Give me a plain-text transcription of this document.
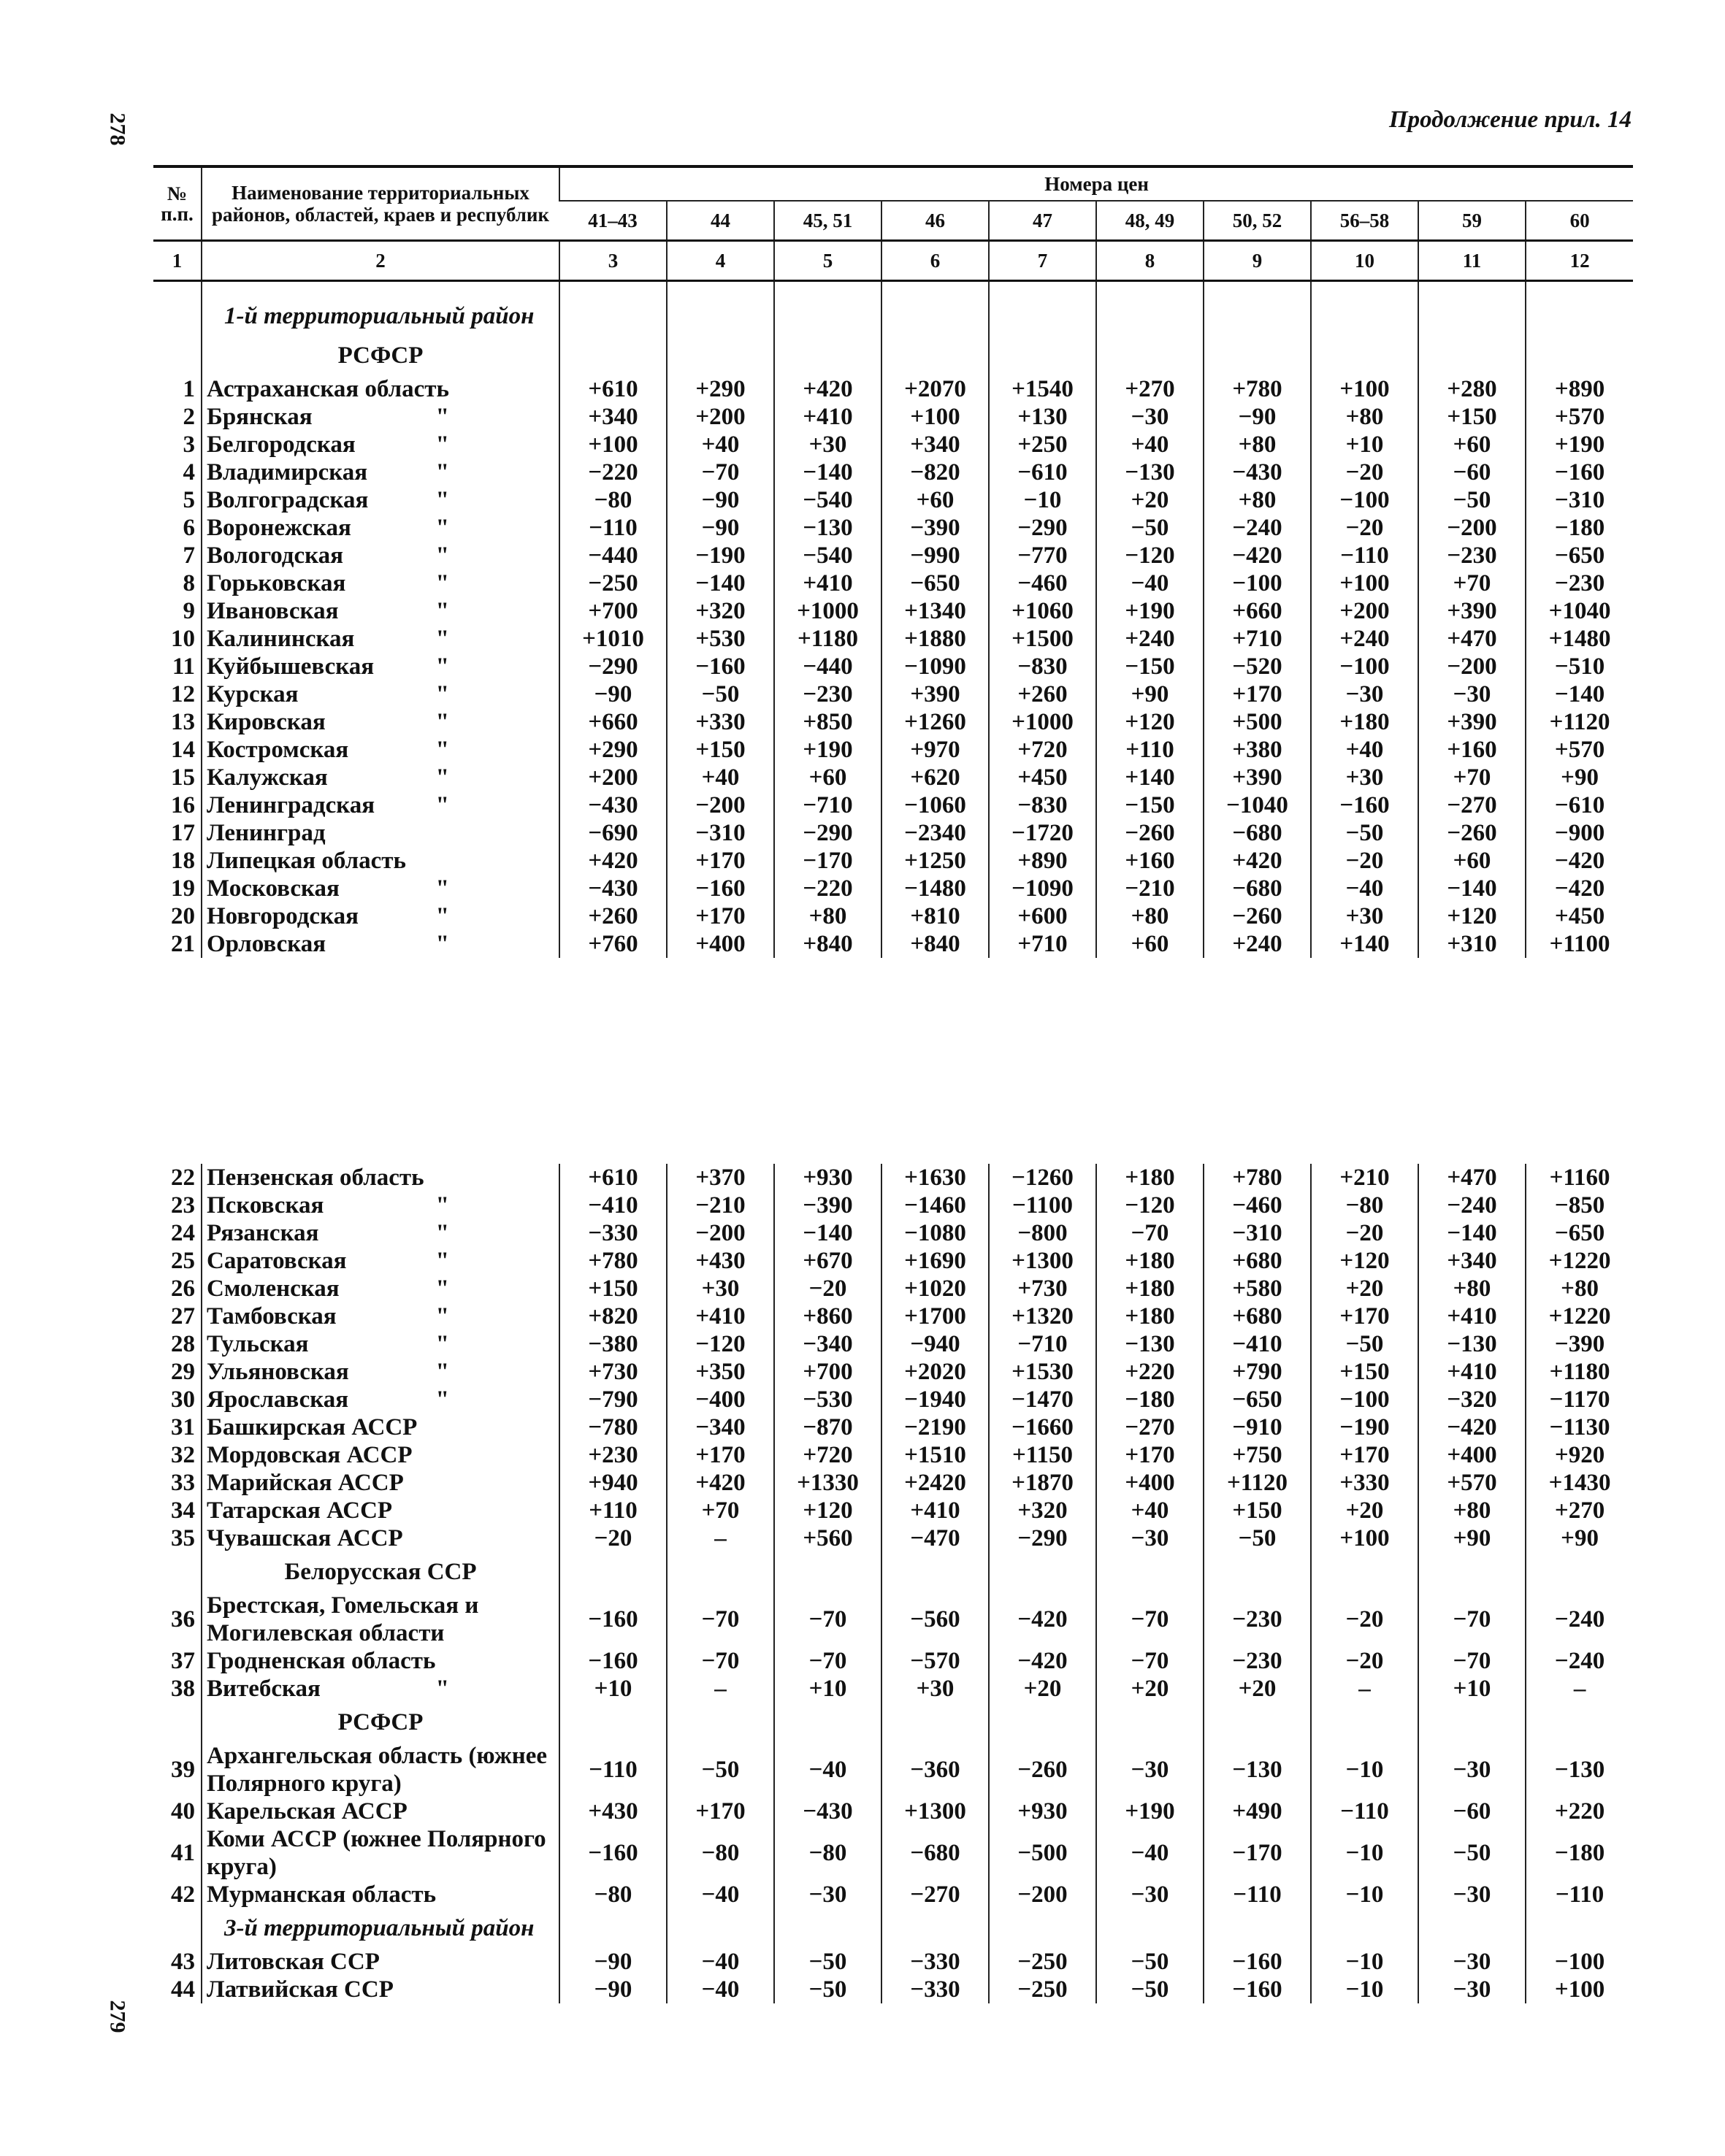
278	Продолжение прил. 14
№ п.п.	Наименование территориальных районов, областей, краев и республик	Номера цен									
		41–43	44	45, 51	46	47	48, 49	50, 52	56–58	59	60
1	2	3	4	5	6	7	8	9	10	11	12

	1-й территориальный район										
	РСФСР										
1	Астраханская область	+610	+290	+420	+2070	+1540	+270	+780	+100	+280	+890
2	Брянская "	+340	+200	+410	+100	+130	−30	−90	+80	+150	+570
3	Белгородская "	+100	+40	+30	+340	+250	+40	+80	+10	+60	+190
4	Владимирская "	−220	−70	−140	−820	−610	−130	−430	−20	−60	−160
5	Волгоградская "	−80	−90	−540	+60	−10	+20	+80	−100	−50	−310
6	Воронежская "	−110	−90	−130	−390	−290	−50	−240	−20	−200	−180
7	Вологодская "	−440	−190	−540	−990	−770	−120	−420	−110	−230	−650
8	Горьковская "	−250	−140	+410	−650	−460	−40	−100	+100	+70	−230
9	Ивановская "	+700	+320	+1000	+1340	+1060	+190	+660	+200	+390	+1040
10	Калининская "	+1010	+530	+1180	+1880	+1500	+240	+710	+240	+470	+1480
11	Куйбышевская "	−290	−160	−440	−1090	−830	−150	−520	−100	−200	−510
12	Курская "	−90	−50	−230	+390	+260	+90	+170	−30	−30	−140
13	Кировская "	+660	+330	+850	+1260	+1000	+120	+500	+180	+390	+1120
14	Костромская "	+290	+150	+190	+970	+720	+110	+380	+40	+160	+570
15	Калужская "	+200	+40	+60	+620	+450	+140	+390	+30	+70	+90
16	Ленинградская "	−430	−200	−710	−1060	−830	−150	−1040	−160	−270	−610
17	Ленинград	−690	−310	−290	−2340	−1720	−260	−680	−50	−260	−900
18	Липецкая область	+420	+170	−170	+1250	+890	+160	+420	−20	+60	−420
19	Московская "	−430	−160	−220	−1480	−1090	−210	−680	−40	−140	−420
20	Новгородская "	+260	+170	+80	+810	+600	+80	−260	+30	+120	+450
21	Орловская "	+760	+400	+840	+840	+710	+60	+240	+140	+310	+1100

22	Пензенская область	+610	+370	+930	+1630	−1260	+180	+780	+210	+470	+1160
23	Псковская "	−410	−210	−390	−1460	−1100	−120	−460	−80	−240	−850
24	Рязанская "	−330	−200	−140	−1080	−800	−70	−310	−20	−140	−650
25	Саратовская "	+780	+430	+670	+1690	+1300	+180	+680	+120	+340	+1220
26	Смоленская "	+150	+30	−20	+1020	+730	+180	+580	+20	+80	+80
27	Тамбовская "	+820	+410	+860	+1700	+1320	+180	+680	+170	+410	+1220
28	Тульская "	−380	−120	−340	−940	−710	−130	−410	−50	−130	−390
29	Ульяновская "	+730	+350	+700	+2020	+1530	+220	+790	+150	+410	+1180
30	Ярославская "	−790	−400	−530	−1940	−1470	−180	−650	−100	−320	−1170
31	Башкирская АССР	−780	−340	−870	−2190	−1660	−270	−910	−190	−420	−1130
32	Мордовская АССР	+230	+170	+720	+1510	+1150	+170	+750	+170	+400	+920
33	Марийская АССР	+940	+420	+1330	+2420	+1870	+400	+1120	+330	+570	+1430
34	Татарская АССР	+110	+70	+120	+410	+320	+40	+150	+20	+80	+270
35	Чувашская АССР	−20	–	+560	−470	−290	−30	−50	+100	+90	+90
	Белорусская ССР										
36	Брестская, Гомельская и Могилевская области	−160	−70	−70	−560	−420	−70	−230	−20	−70	−240
37	Гродненская область	−160	−70	−70	−570	−420	−70	−230	−20	−70	−240
38	Витебская "	+10	–	+10	+30	+20	+20	+20	–	+10	–
	РСФСР										
39	Архангельская область (южнее Полярного круга)	−110	−50	−40	−360	−260	−30	−130	−10	−30	−130
40	Карельская АССР	+430	+170	−430	+1300	+930	+190	+490	−110	−60	+220
41	Коми АССР (южнее Полярного круга)	−160	−80	−80	−680	−500	−40	−170	−10	−50	−180
42	Мурманская область	−80	−40	−30	−270	−200	−30	−110	−10	−30	−110
	3-й территориальный район										
43	Литовская ССР	−90	−40	−50	−330	−250	−50	−160	−10	−30	−100
44	Латвийская ССР	−90	−40	−50	−330	−250	−50	−160	−10	−30	+100
279
